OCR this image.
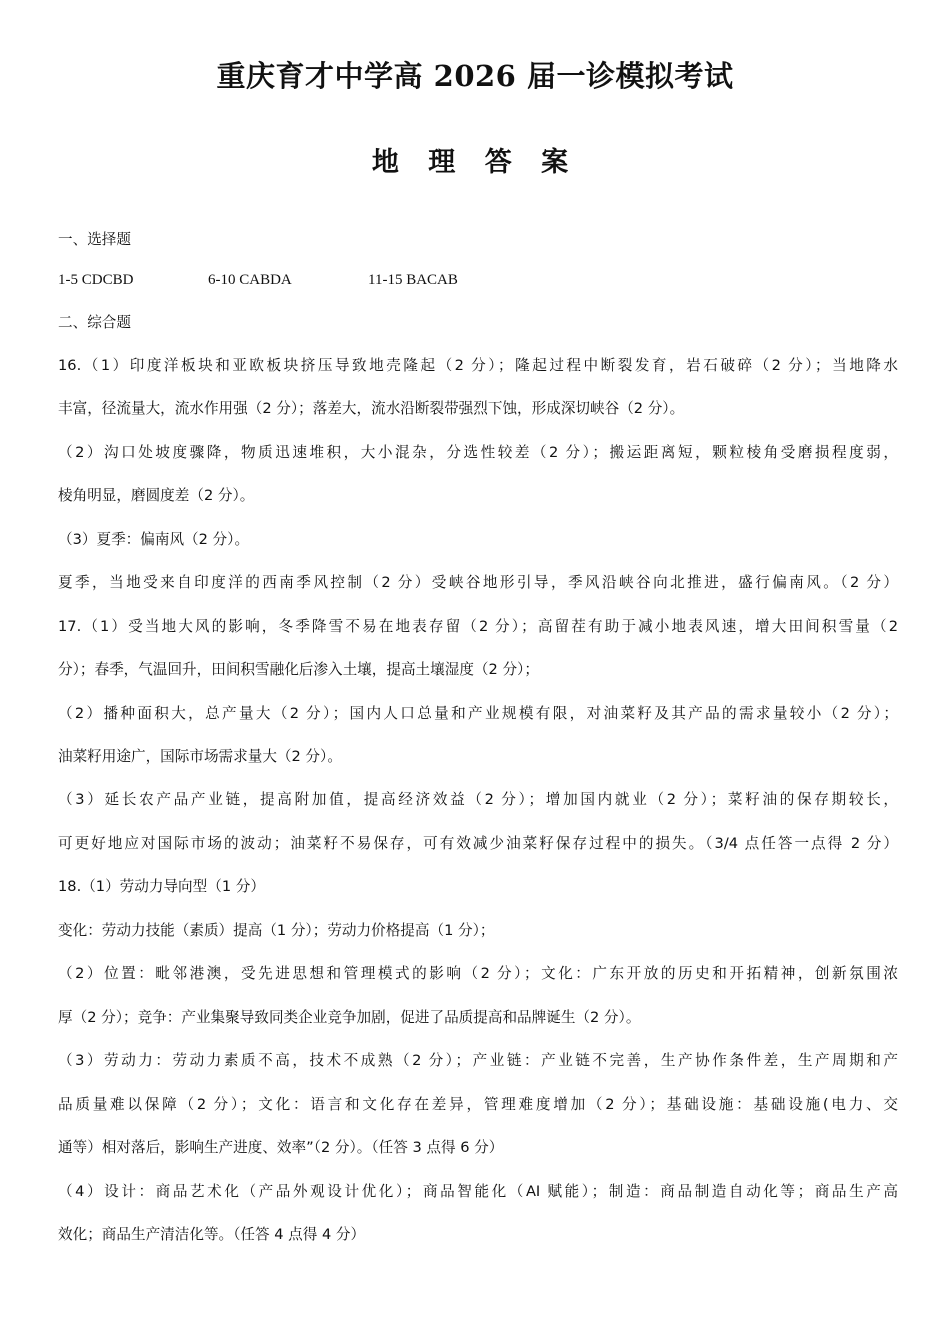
重庆育才中学高 2026 届一诊模拟考试
地 理 答 案
一、选择题
1-5 CDCBD	6-10 CABDA	11-15 BACAB
二、综合题
16.（1）印度洋板块和亚欧板块挤压导致地壳隆起（2 分）；隆起过程中断裂发育，岩石破碎（2 分）；当地降水
丰富，径流量大，流水作用强（2 分）；落差大，流水沿断裂带强烈下蚀，形成深切峡谷（2 分）。
（2）沟口处坡度骤降，物质迅速堆积，大小混杂，分选性较差（2 分）；搬运距离短，颗粒棱角受磨损程度弱，
棱角明显，磨圆度差（2 分）。
（3）夏季：偏南风（2 分）。
夏季，当地受来自印度洋的西南季风控制（2 分）受峡谷地形引导，季风沿峡谷向北推进，盛行偏南风。（2 分）
17.（1）受当地大风的影响，冬季降雪不易在地表存留（2 分）；高留茬有助于减小地表风速，增大田间积雪量（2
分）；春季，气温回升，田间积雪融化后渗入土壤，提高土壤湿度（2 分）；
（2）播种面积大，总产量大（2 分）；国内人口总量和产业规模有限，对油菜籽及其产品的需求量较小（2 分）；
油菜籽用途广，国际市场需求量大（2 分）。
（3）延长农产品产业链，提高附加值，提高经济效益（2 分）；增加国内就业（2 分）；菜籽油的保存期较长，
可更好地应对国际市场的波动；油菜籽不易保存，可有效减少油菜籽保存过程中的损失。（3/4 点任答一点得 2 分）
18.（1）劳动力导向型（1 分）
变化：劳动力技能（素质）提高（1 分）；劳动力价格提高（1 分）；
（2）位置：毗邻港澳，受先进思想和管理模式的影响（2 分）；文化：广东开放的历史和开拓精神，创新氛围浓
厚（2 分）；竞争：产业集聚导致同类企业竞争加剧，促进了品质提高和品牌诞生（2 分）。
（3）劳动力：劳动力素质不高，技术不成熟（2 分）；产业链：产业链不完善，生产协作条件差，生产周期和产
品质量难以保障（2 分）；文化：语言和文化存在差异，管理难度增加（2 分）；基础设施：基础设施(电力、交
通等）相对落后，影响生产进度、效率”（2 分）。（任答 3 点得 6 分）
（4）设计：商品艺术化（产品外观设计优化）；商品智能化（AI 赋能）；制造：商品制造自动化等；商品生产高
效化；商品生产清洁化等。（任答 4 点得 4 分）
